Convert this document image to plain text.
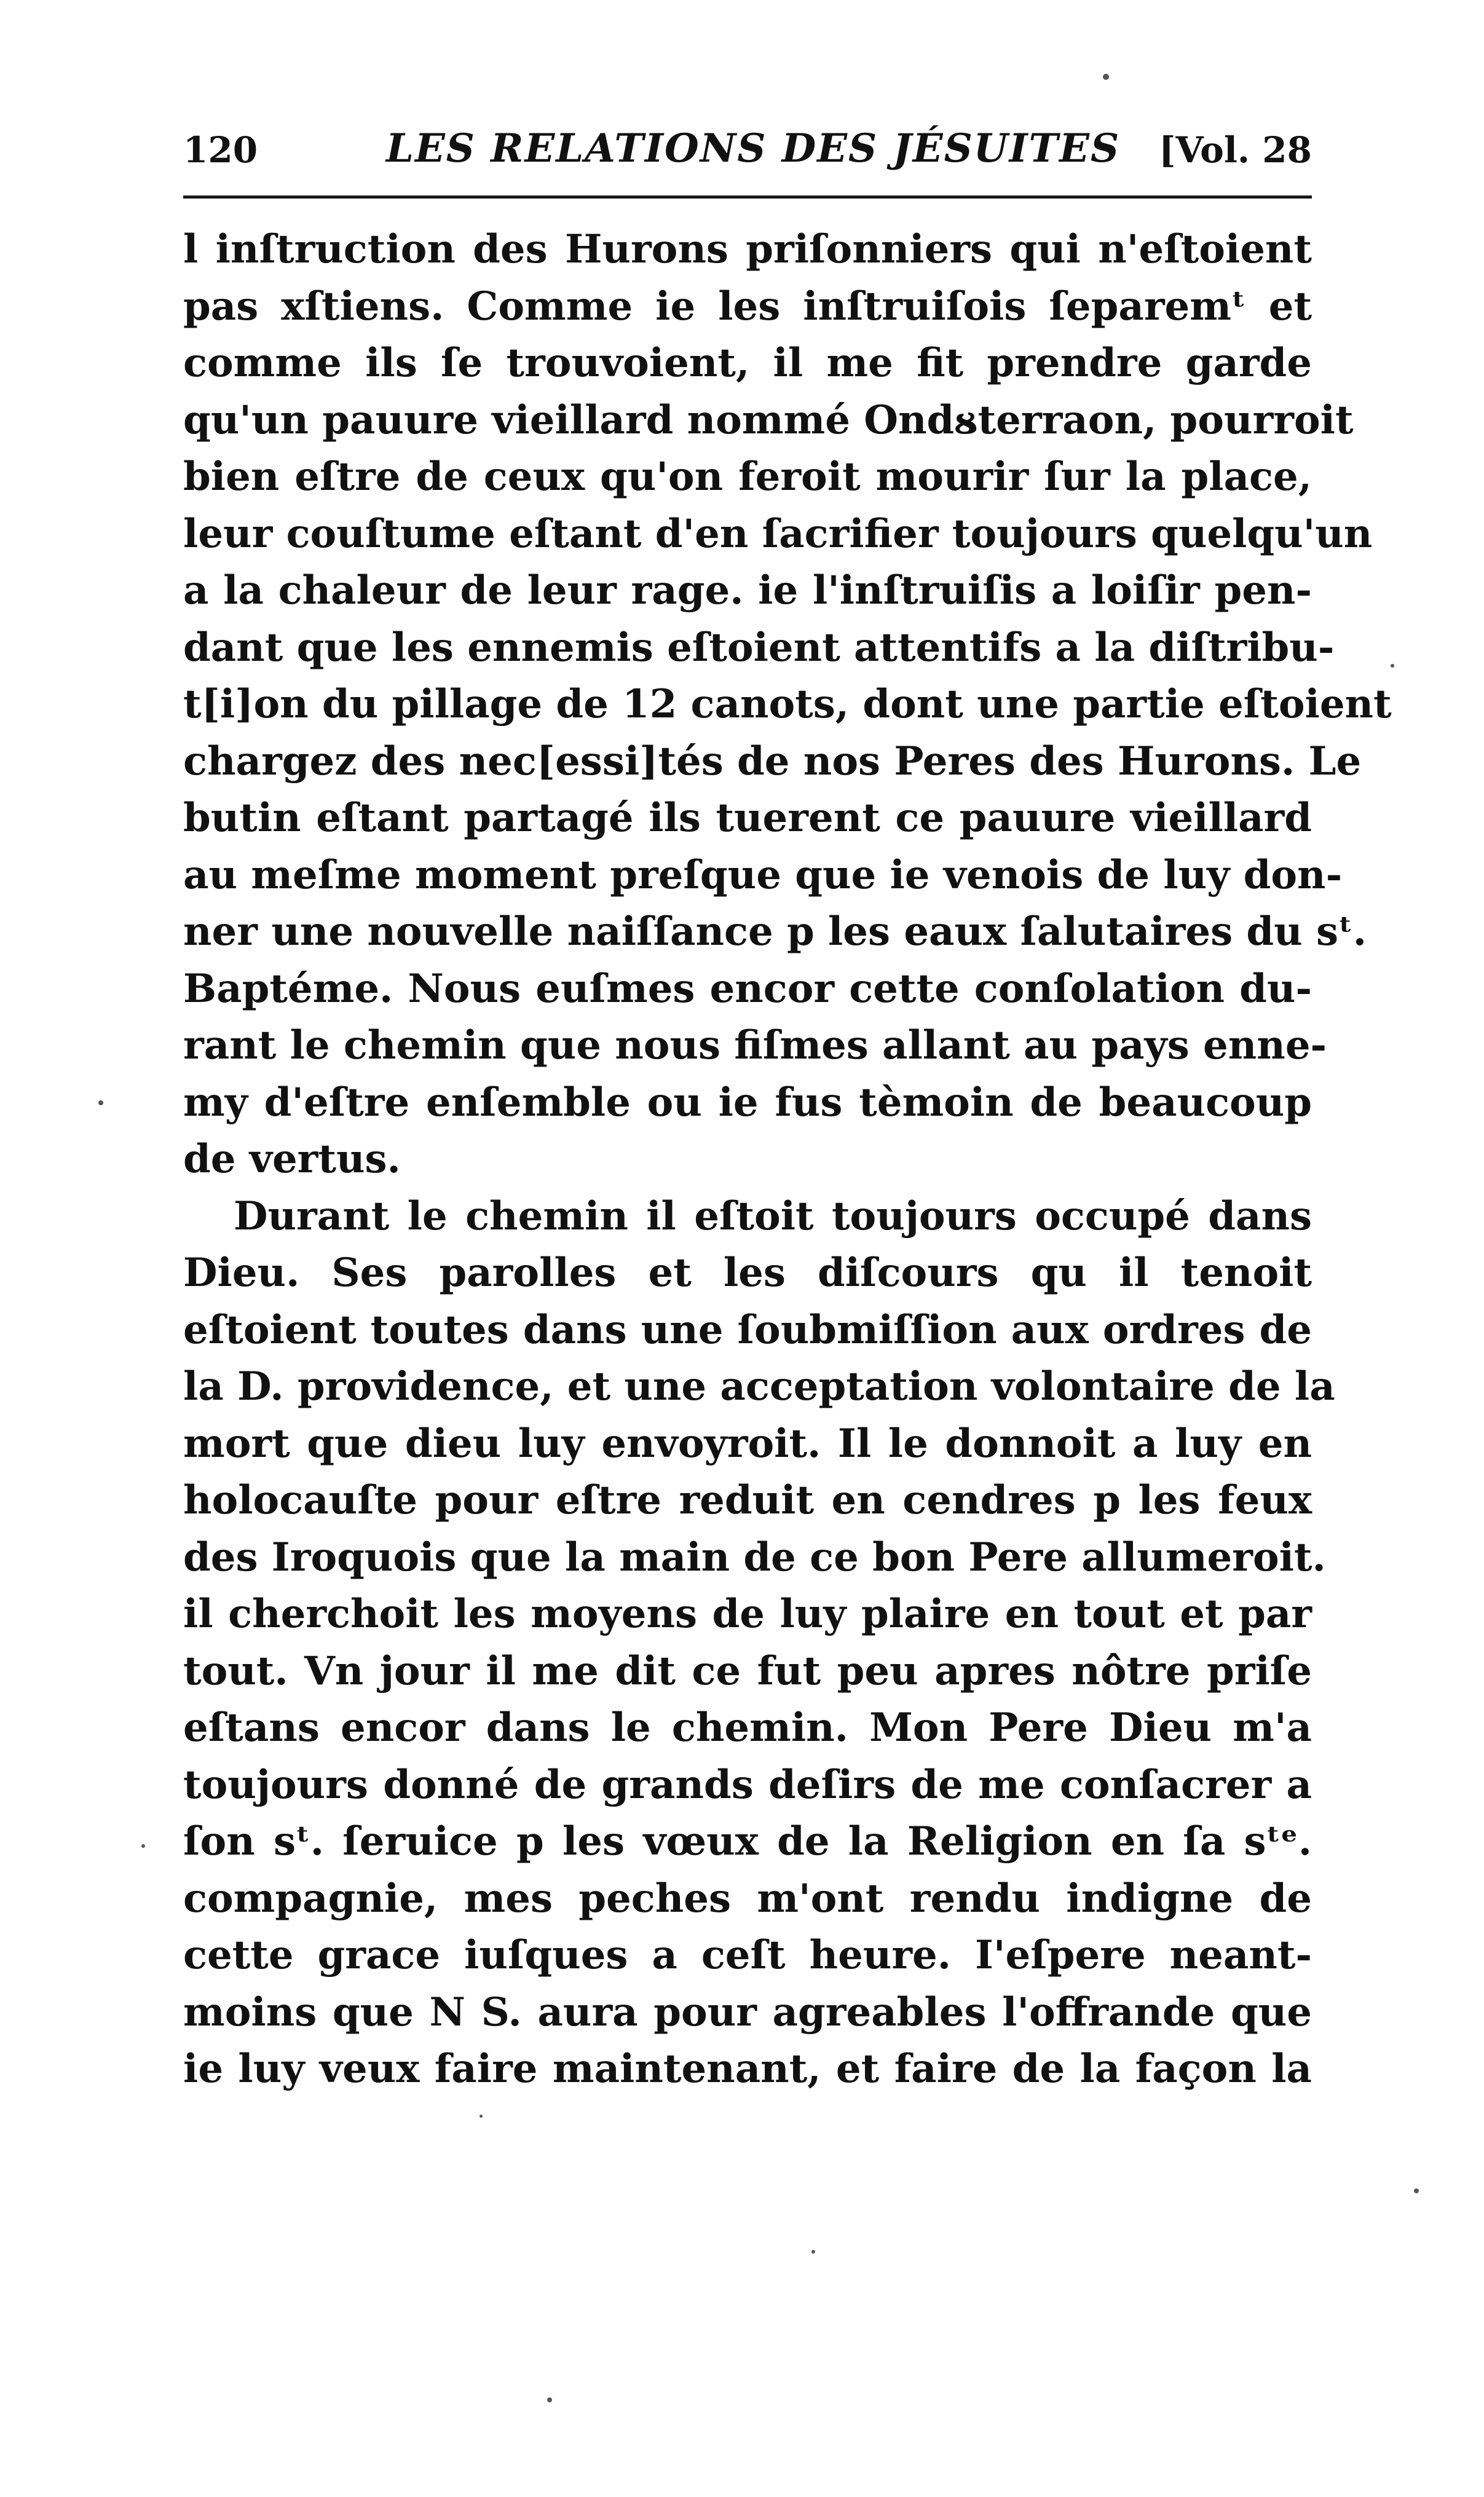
120	LES RELATIONS DES JÉSUITES [Vol. 28
l inſtruction des Hurons priſonniers qui n'eſtoient
pas xſtiens. Comme ie les inſtruiſois ſeparemᵗ et
comme ils ſe trouvoient, il me fit prendre garde
qu'un pauure vieillard nommé Ondᴕterraon, pourroit
bien eſtre de ceux qu'on feroit mourir ſur la place,
leur couſtume eſtant d'en ſacrifier toujours quelqu'un
a la chaleur de leur rage. ie l'inſtruiſis a loiſir pen-
dant que les ennemis eſtoient attentifs a la diſtribu-
t[i]on du pillage de 12 canots, dont une partie eſtoient
chargez des nec[essi]tés de nos Peres des Hurons. Le
butin eſtant partagé ils tuerent ce pauure vieillard
au meſme moment preſque que ie venois de luy don-
ner une nouvelle naiſſance p les eaux ſalutaires du sᵗ.
Baptéme. Nous euſmes encor cette conſolation du-
rant le chemin que nous fiſmes allant au pays enne-
my d'eſtre enſemble ou ie fus tèmoin de beaucoup
de vertus.
Durant le chemin il eſtoit toujours occupé dans
Dieu. Ses parolles et les diſcours qu il tenoit
eſtoient toutes dans une ſoubmiſſion aux ordres de
la D. providence, et une acceptation volontaire de la
mort que dieu luy envoyroit. Il le donnoit a luy en
holocauſte pour eſtre reduit en cendres p les feux
des Iroquois que la main de ce bon Pere allumeroit.
il cherchoit les moyens de luy plaire en tout et par
tout. Vn jour il me dit ce fut peu apres nôtre priſe
eſtans encor dans le chemin. Mon Pere Dieu m'a
toujours donné de grands deſirs de me conſacrer a
ſon sᵗ. ſeruice p les vœux de la Religion en ſa sᵗᵉ.
compagnie, mes peches m'ont rendu indigne de
cette grace iuſques a ceſt heure. I'eſpere neant-
moins que N S. aura pour agreables l'offrande que
ie luy veux faire maintenant, et faire de la façon la
